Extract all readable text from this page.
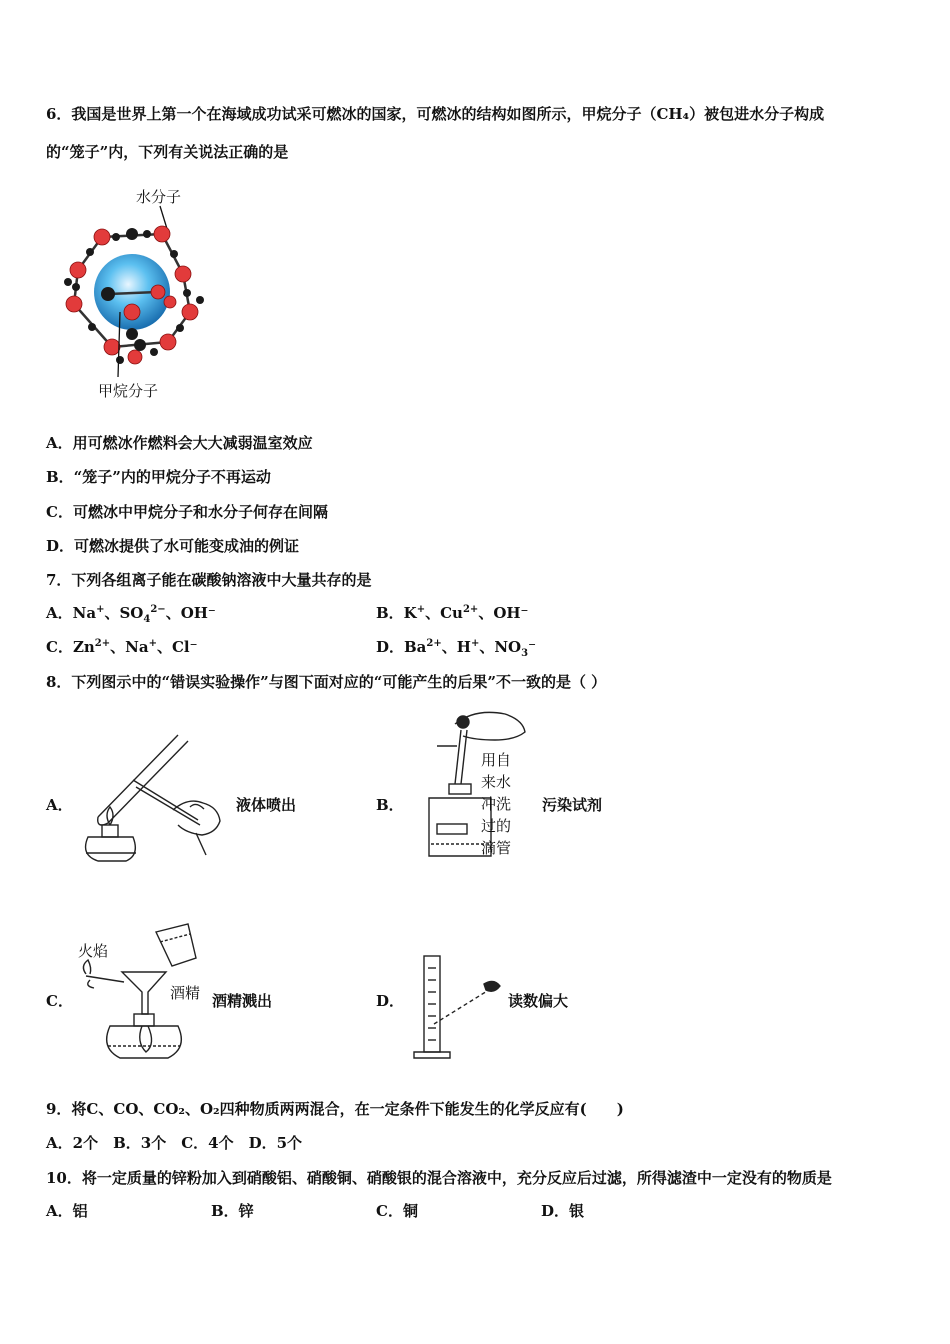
6．我国是世界上第一个在海域成功试采可燃冰的国家，可燃冰的结构如图所示，甲烷分子（CH₄）被包进水分子构成
的“笼子”内，下列有关说法正确的是
水分子
甲烷分子
A．用可燃冰作燃料会大大减弱温室效应
B．“笼子”内的甲烷分子不再运动
C．可燃冰中甲烷分子和水分子何存在间隔
D．可燃冰提供了水可能变成油的例证
7．下列各组离子能在碳酸钠溶液中大量共存的是
A．Na+、$SO_4^{2-}$、OH⁻	B．K+、$Cu^{2+}$、OH⁻
C．$Zn^{2+}$、Na+、Cl⁻	D．$Ba^{2+}$、H+、$NO_3^-$
8．下列图示中的“错误实验操作”与图下面对应的“可能产生的后果”不一致的是（ ）
A．	液体喷出	B．
用自
来水
冲洗
过的
滴管
污染试剂
C．
火焰
酒精 酒精溅出	D．	读数偏大
9．将C、CO、CO₂、O₂四种物质两两混合，在一定条件下能发生的化学反应有(　　)
A．2个　B．3个　C．4个　D．5个
10．将一定质量的锌粉加入到硝酸铝、硝酸铜、硝酸银的混合溶液中，充分反应后过滤，所得滤渣中一定没有的物质是
A．铝	B．锌	C．铜	D．银
